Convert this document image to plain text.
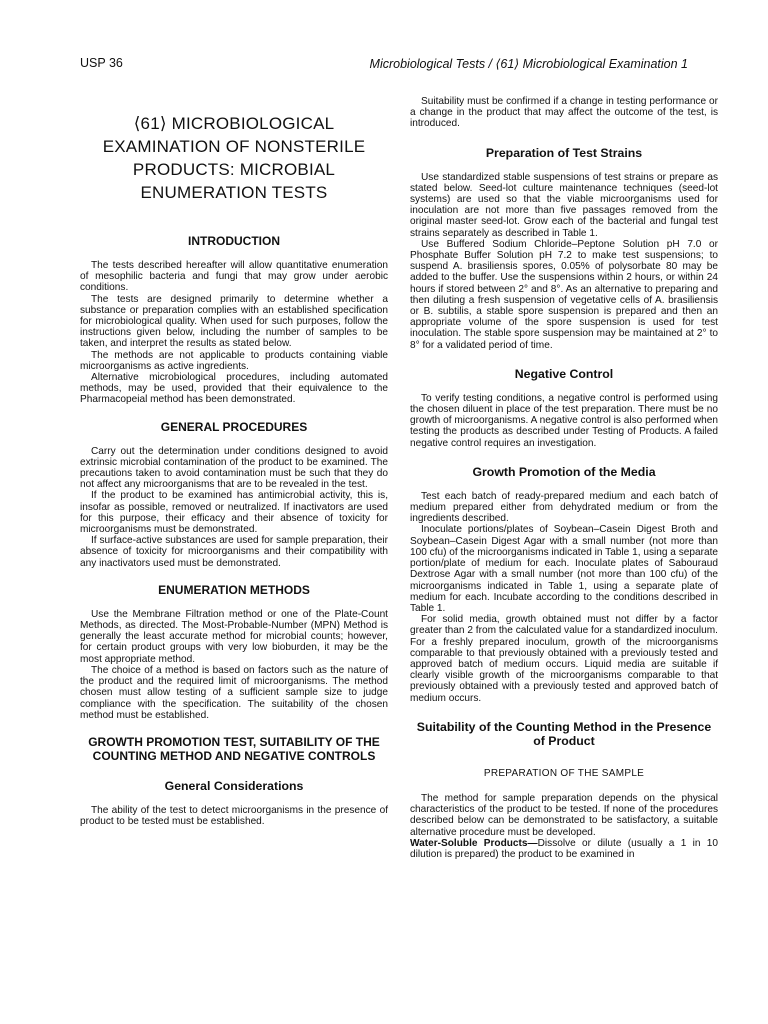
USP 36	Microbiological Tests / ⟨61⟩ Microbiological Examination 1
⟨61⟩ MICROBIOLOGICAL EXAMINATION OF NONSTERILE PRODUCTS: MICROBIAL ENUMERATION TESTS
INTRODUCTION

The tests described hereafter will allow quantitative enumeration of mesophilic bacteria and fungi that may grow under aerobic conditions.

The tests are designed primarily to determine whether a substance or preparation complies with an established specification for microbiological quality. When used for such purposes, follow the instructions given below, including the number of samples to be taken, and interpret the results as stated below.

The methods are not applicable to products containing viable microorganisms as active ingredients.

Alternative microbiological procedures, including automated methods, may be used, provided that their equivalence to the Pharmacopeial method has been demonstrated.

GENERAL PROCEDURES

Carry out the determination under conditions designed to avoid extrinsic microbial contamination of the product to be examined. The precautions taken to avoid contamination must be such that they do not affect any microorganisms that are to be revealed in the test.

If the product to be examined has antimicrobial activity, this is, insofar as possible, removed or neutralized. If inactivators are used for this purpose, their efficacy and their absence of toxicity for microorganisms must be demonstrated.

If surface-active substances are used for sample preparation, their absence of toxicity for microorganisms and their compatibility with any inactivators used must be demonstrated.

ENUMERATION METHODS

Use the Membrane Filtration method or one of the Plate-Count Methods, as directed. The Most-Probable-Number (MPN) Method is generally the least accurate method for microbial counts; however, for certain product groups with very low bioburden, it may be the most appropriate method.

The choice of a method is based on factors such as the nature of the product and the required limit of microorganisms. The method chosen must allow testing of a sufficient sample size to judge compliance with the specification. The suitability of the chosen method must be established.

GROWTH PROMOTION TEST, SUITABILITY OF THE COUNTING METHOD AND NEGATIVE CONTROLS
General Considerations

The ability of the test to detect microorganisms in the presence of product to be tested must be established.

Suitability must be confirmed if a change in testing performance or a change in the product that may affect the outcome of the test, is introduced.

Preparation of Test Strains

Use standardized stable suspensions of test strains or prepare as stated below. Seed-lot culture maintenance techniques (seed-lot systems) are used so that the viable microorganisms used for inoculation are not more than five passages removed from the original master seed-lot. Grow each of the bacterial and fungal test strains separately as described in Table 1.

Use Buffered Sodium Chloride–Peptone Solution pH 7.0 or Phosphate Buffer Solution pH 7.2 to make test suspensions; to suspend A. brasiliensis spores, 0.05% of polysorbate 80 may be added to the buffer. Use the suspensions within 2 hours, or within 24 hours if stored between 2° and 8°. As an alternative to preparing and then diluting a fresh suspension of vegetative cells of A. brasiliensis or B. subtilis, a stable spore suspension is prepared and then an appropriate volume of the spore suspension is used for test inoculation. The stable spore suspension may be maintained at 2° to 8° for a validated period of time.

Negative Control

To verify testing conditions, a negative control is performed using the chosen diluent in place of the test preparation. There must be no growth of microorganisms. A negative control is also performed when testing the products as described under Testing of Products. A failed negative control requires an investigation.

Growth Promotion of the Media

Test each batch of ready-prepared medium and each batch of medium prepared either from dehydrated medium or from the ingredients described.

Inoculate portions/plates of Soybean–Casein Digest Broth and Soybean–Casein Digest Agar with a small number (not more than 100 cfu) of the microorganisms indicated in Table 1, using a separate portion/plate of medium for each. Inoculate plates of Sabouraud Dextrose Agar with a small number (not more than 100 cfu) of the microorganisms indicated in Table 1, using a separate plate of medium for each. Incubate according to the conditions described in Table 1.

For solid media, growth obtained must not differ by a factor greater than 2 from the calculated value for a standardized inoculum. For a freshly prepared inoculum, growth of the microorganisms comparable to that previously obtained with a previously tested and approved batch of medium occurs. Liquid media are suitable if clearly visible growth of the microorganisms comparable to that previously obtained with a previously tested and approved batch of medium occurs.

Suitability of the Counting Method in the Presence of Product
PREPARATION OF THE SAMPLE

The method for sample preparation depends on the physical characteristics of the product to be tested. If none of the procedures described below can be demonstrated to be satisfactory, a suitable alternative procedure must be developed.

Water-Soluble Products—Dissolve or dilute (usually a 1 in 10 dilution is prepared) the product to be examined in
